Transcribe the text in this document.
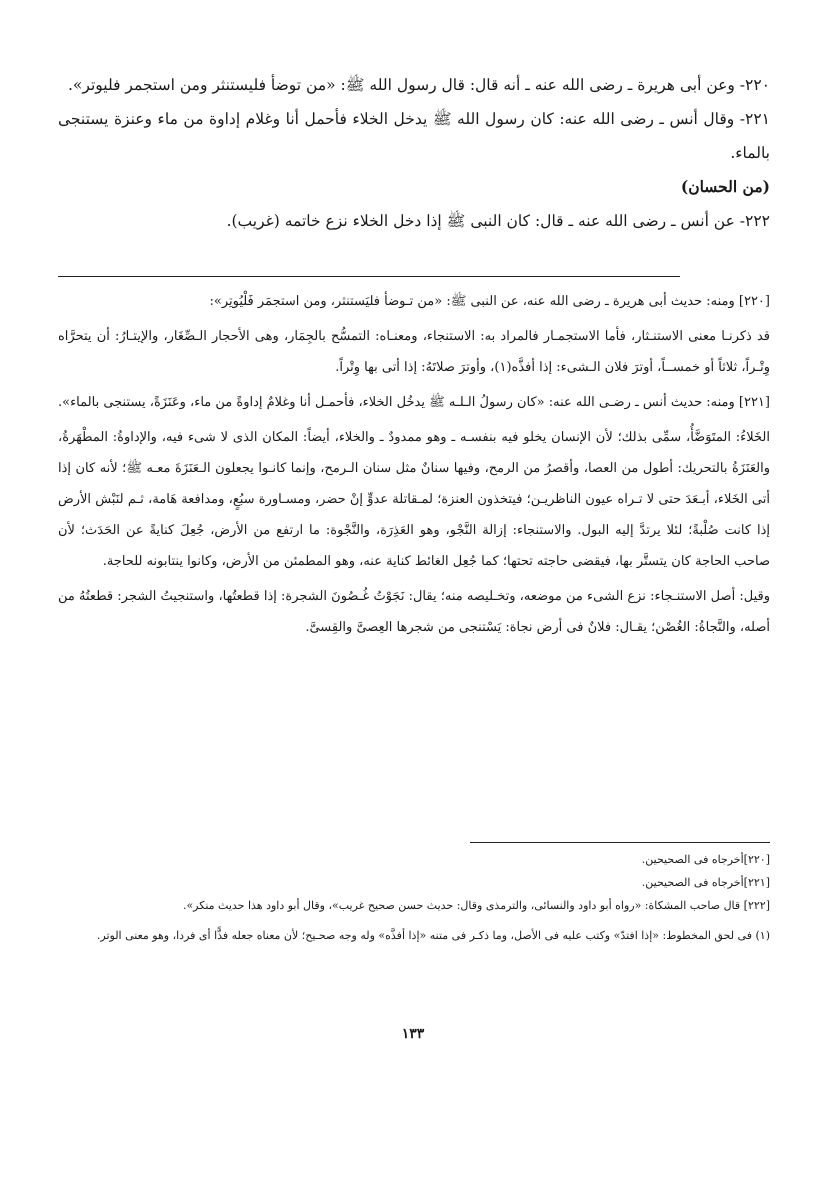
٢٢٠- وعن أبى هريرة ـ رضى الله عنه ـ أنه قال: قال رسول الله ﷺ: «من توضأ فليستنثر ومن استجمر فليوتر».

٢٢١- وقال أنس ـ رضى الله عنه: كان رسول الله ﷺ يدخل الخلاء فأحمل أنا وغلام إداوة من ماء وعنزة يستنجى بالماء.

(من الحسان)

٢٢٢- عن أنس ـ رضى الله عنه ـ قال: كان النبى ﷺ إذا دخل الخلاء نزع خاتمه (غريب).

[٢٢٠] ومنه: حديث أبى هريرة ـ رضى الله عنه، عن النبى ﷺ: «من تـوضأ فليَستنثر، ومن استجمَر فَلْيُوتِر»:

قد ذكرنـا معنى الاستنـثار، فأما الاستجمـار فالمراد به: الاستنجاء، ومعنـاه: التمسُّح بالجِمَار، وهى الأحجار الـصِّغَار، والإيتـارُ: أن يتحرَّاه وِتْـراً، ثلاثاً أو خمســاً، أوترَ فلان الـشىء: إذا أفذَّه(١)، وأوترَ صلاتَهُ: إذا أتى بها وِتْراً.

[٢٢١] ومنه: حديث أنس ـ رضـى الله عنه: «كان رسولُ الـلـه ﷺ يدخُل الخلاء، فأحمـل أنا وغلامٌ إداوةً من ماء، وعَنَزَةً، يستنجى بالماء».

الخَلاءُ: المتَوَضَّأُ، سمِّى بذلك؛ لأن الإنسان يخلو فيه بنفسـه ـ وهو ممدودٌ ـ والخلاء، أيضاً: المكان الذى لا شىء فيه، والإداوةُ: المطْهَرةُ، والعَنَزَةُ بالتحريك: أطول من العصا، وأقصرُ من الرمح، وفيها سنانٌ مثل سنان الـرمح، وإنما كانـوا يجعلون الـعَنَزَةَ معـه ﷺ؛ لأنه كان إذا أتى الخَلاء، أبـعَدَ حتى لا تـراه عيون الناظريـن؛ فيتخذون العنزة؛ لمـقاتلة عدوٍّ إنْ حضر، ومسـاورة سبُعٍ، ومدافعة هَامة، ثـم لنَبْش الأرض إذا كانت صُلْبةً؛ لئلا يرتدَّ إليه البول. والاستنجاء: إزالة النَّجْو، وهو العَذِرَة، والنَّجْوة: ما ارتفع من الأرض، جُعِلَ كنايةً عن الحَدَث؛ لأن صاحب الحاجة كان يتستَّر بها، فيقضى حاجته تحتها؛ كما جُعِل الغائط كناية عنه، وهو المطمئن من الأرض، وكانوا ينتابونه للحاجة.

وقيل: أصل الاستنـجاء: نزع الشىء من موضعه، وتخـليصه منه؛ يقال: نَجَوْتُ غُـصُونَ الشجرة: إذا قطعتُها، واستنجيتُ الشجر: قطعتُهُ من أصله، والنَّجاةُ: الغُصْن؛ يقـال: فلانٌ فى أرض نجاة: يَسْتنجى من شجرها العِصىَّ والقِسىَّ.

[٢٢٠]أخرجاه فى الصحيحين.

[٢٢١]أخرجاه فى الصحيحين.

[٢٢٢] قال صاحب المشكاة: «رواه أبو داود والنسائى، والترمذى وقال: حديث حسن صحيح غريب»، وقال أبو داود هذا حديث منكر».

(١) فى لحق المخطوط: «إذا افتدّ» وكتب عليه فى الأصل، وما ذكـر فى متنه «إذا أفذَّه» وله وجه صحـيح؛ لأن معناه جعله فذًّا أى فردا، وهو معنى الوتر.

١٣٣
